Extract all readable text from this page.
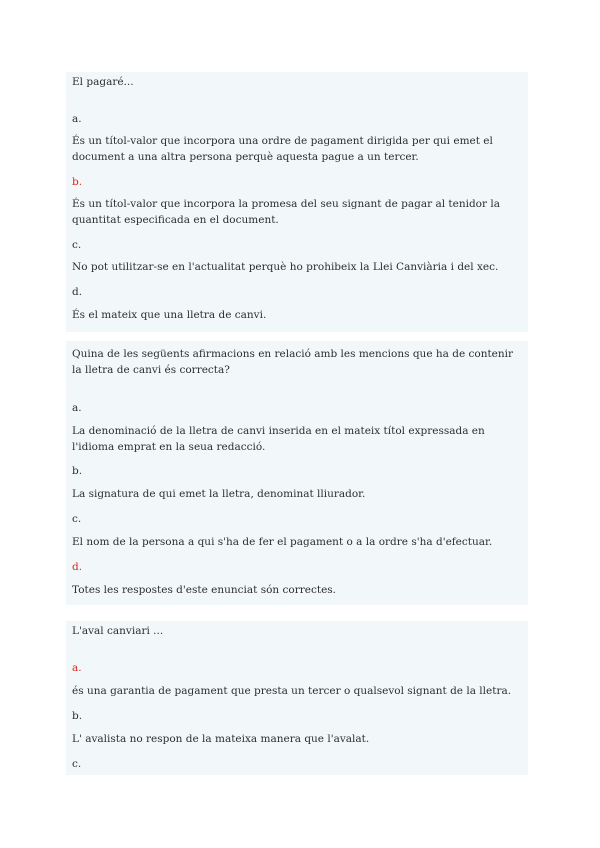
El pagaré...
a.
És un títol-valor que incorpora una ordre de pagament dirigida per qui emet el document a una altra persona perquè aquesta pague a un tercer.
b.
És un títol-valor que incorpora la promesa del seu signant de pagar al tenidor la quantitat especificada en el document.
c.
No pot utilitzar-se en l'actualitat perquè ho prohibeix la Llei Canviària i del xec.
d.
És el mateix que una lletra de canvi.
Quina de les següents afirmacions en relació amb les mencions que ha de contenir la lletra de canvi és correcta?
a.
La denominació de la lletra de canvi inserida en el mateix títol expressada en l'idioma emprat en la seua redacció.
b.
La signatura de qui emet la lletra, denominat lliurador.
c.
El nom de la persona a qui s'ha de fer el pagament o a la ordre s'ha d'efectuar.
d.
Totes les respostes d'este enunciat són correctes.
L'aval canviari ...
a.
és una garantia de pagament que presta un tercer o qualsevol signant de la lletra.
b.
L' avalista no respon de la mateixa manera que l'avalat.
c.
